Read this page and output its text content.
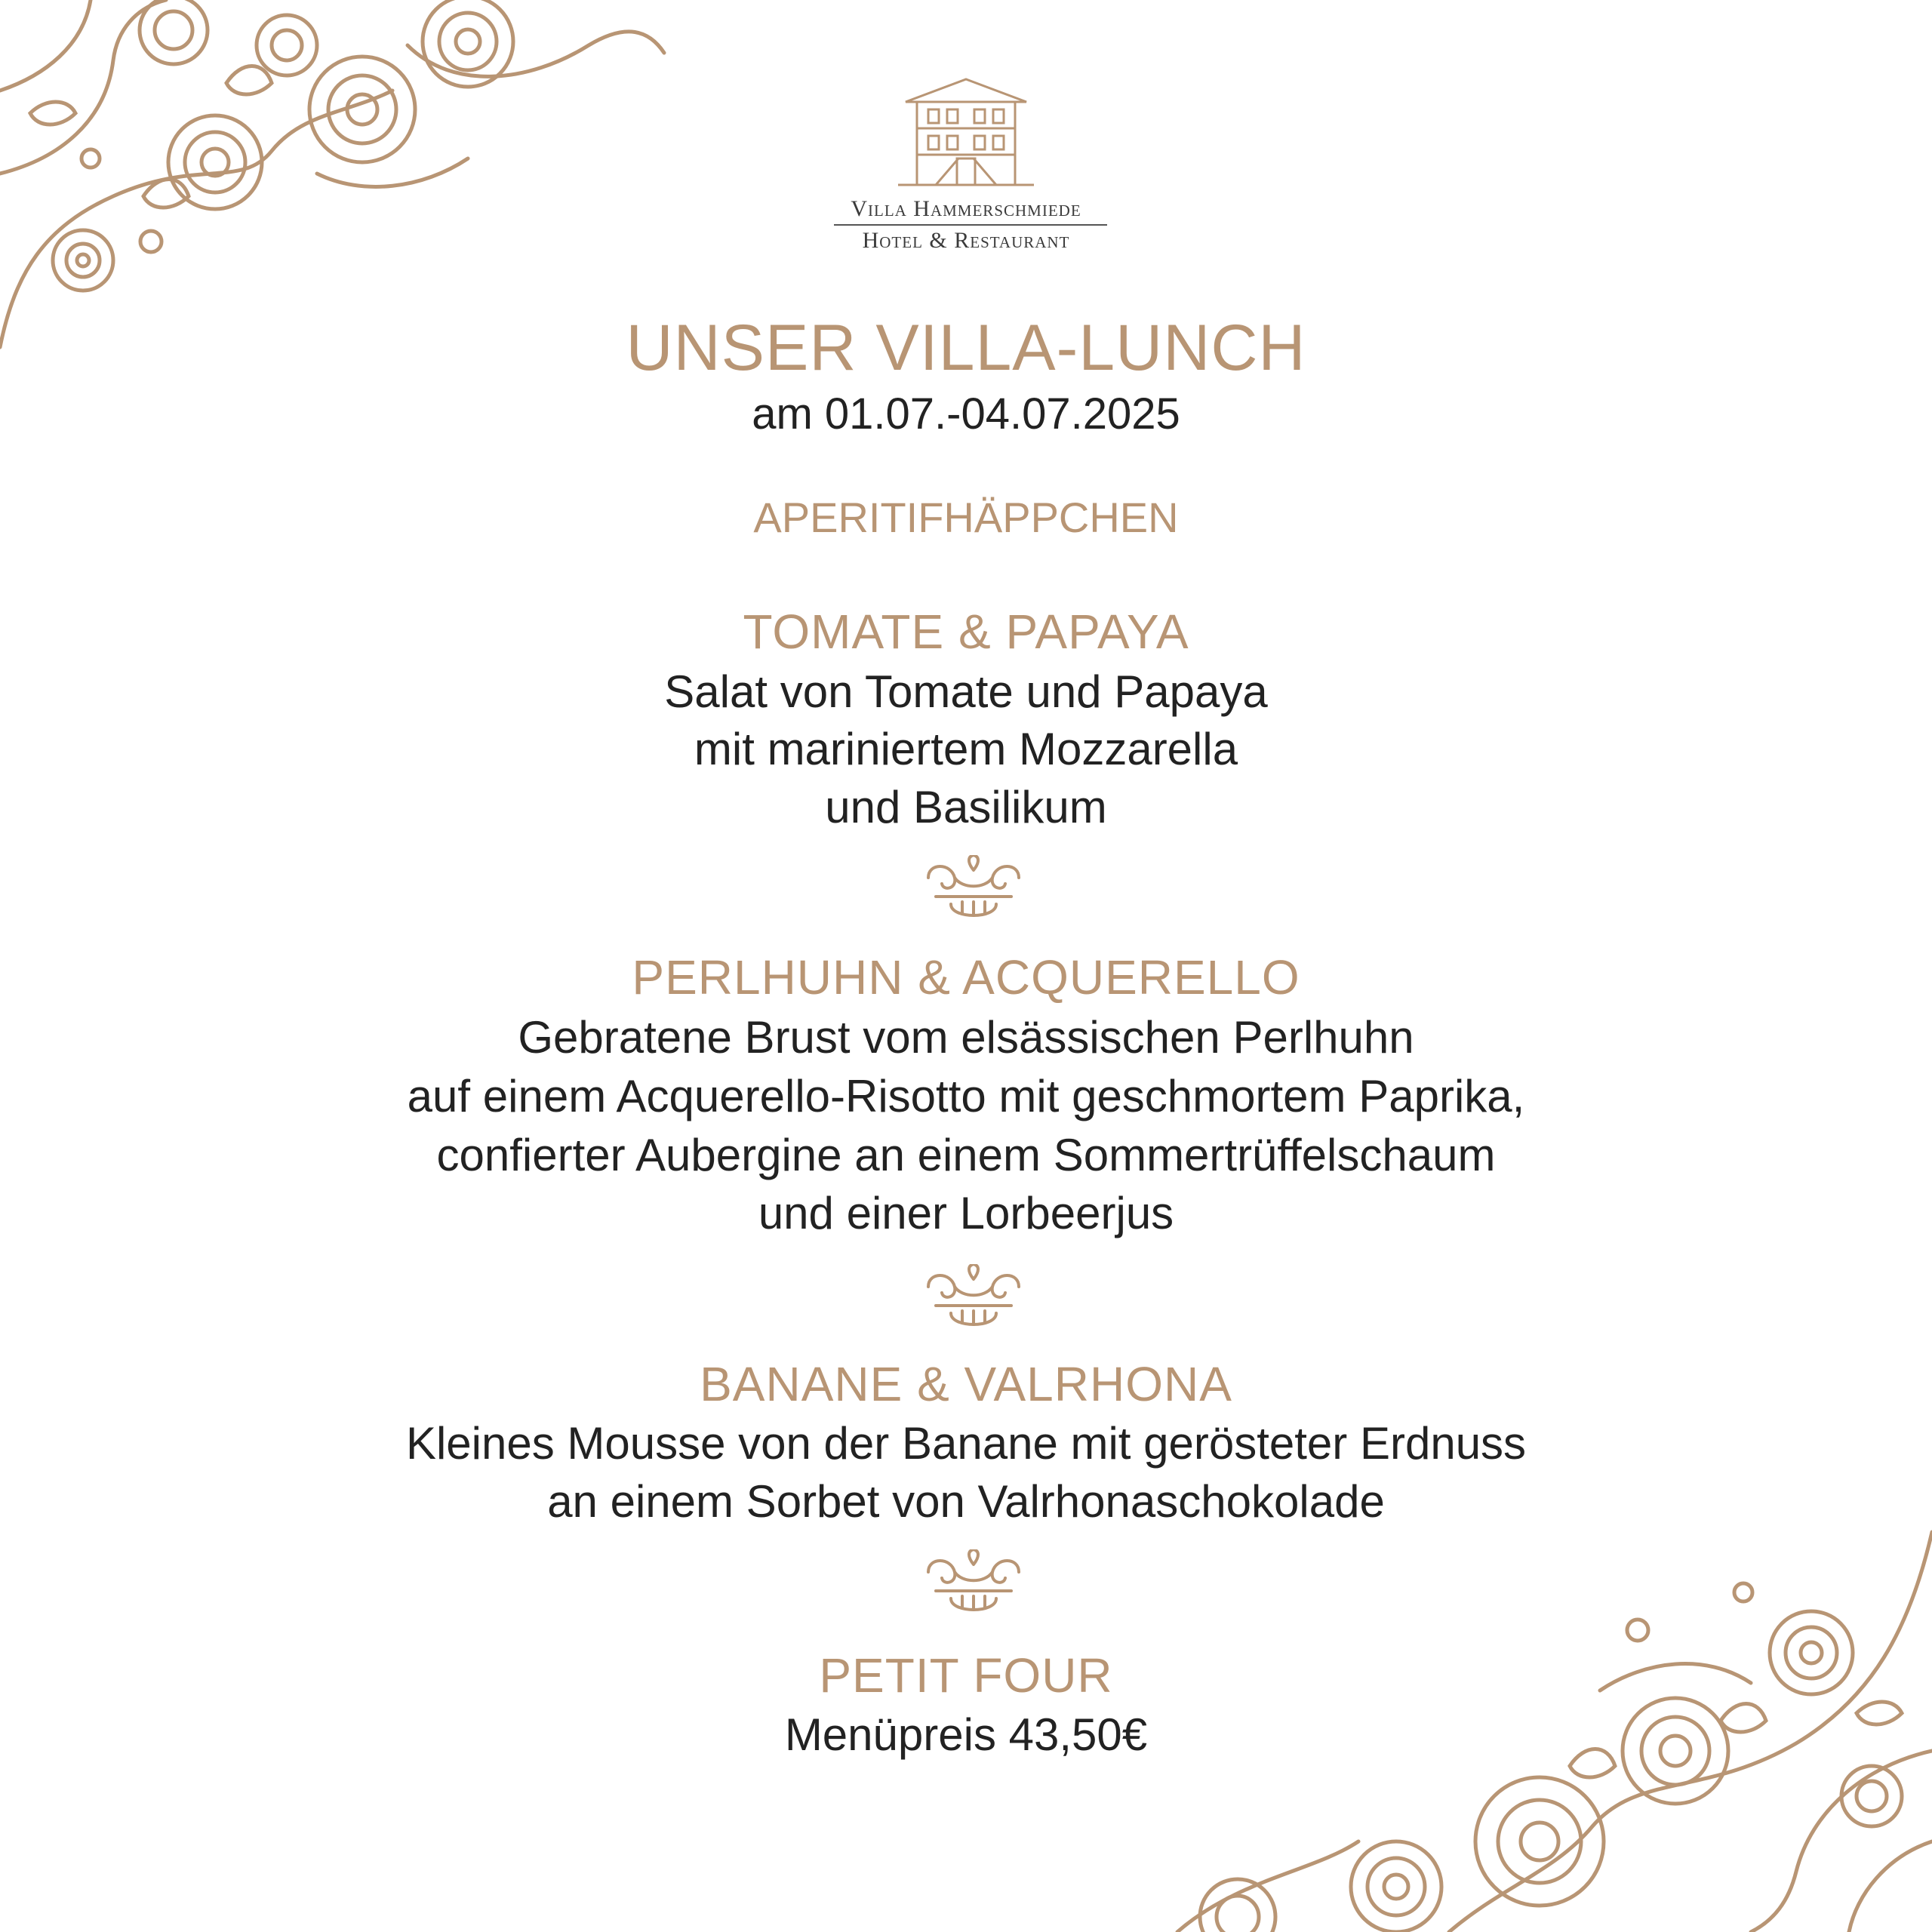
Villa Hammerschmiede
Hotel & Restaurant
UNSER VILLA-LUNCH
am 01.07.-04.07.2025
APERITIFHÄPPCHEN
TOMATE & PAPAYA
Salat von Tomate und Papaya
mit mariniertem Mozzarella
und Basilikum
PERLHUHN & ACQUERELLO
Gebratene Brust vom elsässischen Perlhuhn
auf einem Acquerello-Risotto mit geschmortem Paprika,
confierter Aubergine an einem Sommertrüffelschaum
und einer Lorbeerjus
BANANE & VALRHONA
Kleines Mousse von der Banane mit gerösteter Erdnuss
an einem Sorbet von Valrhonaschokolade
PETIT FOUR
Menüpreis 43,50€
